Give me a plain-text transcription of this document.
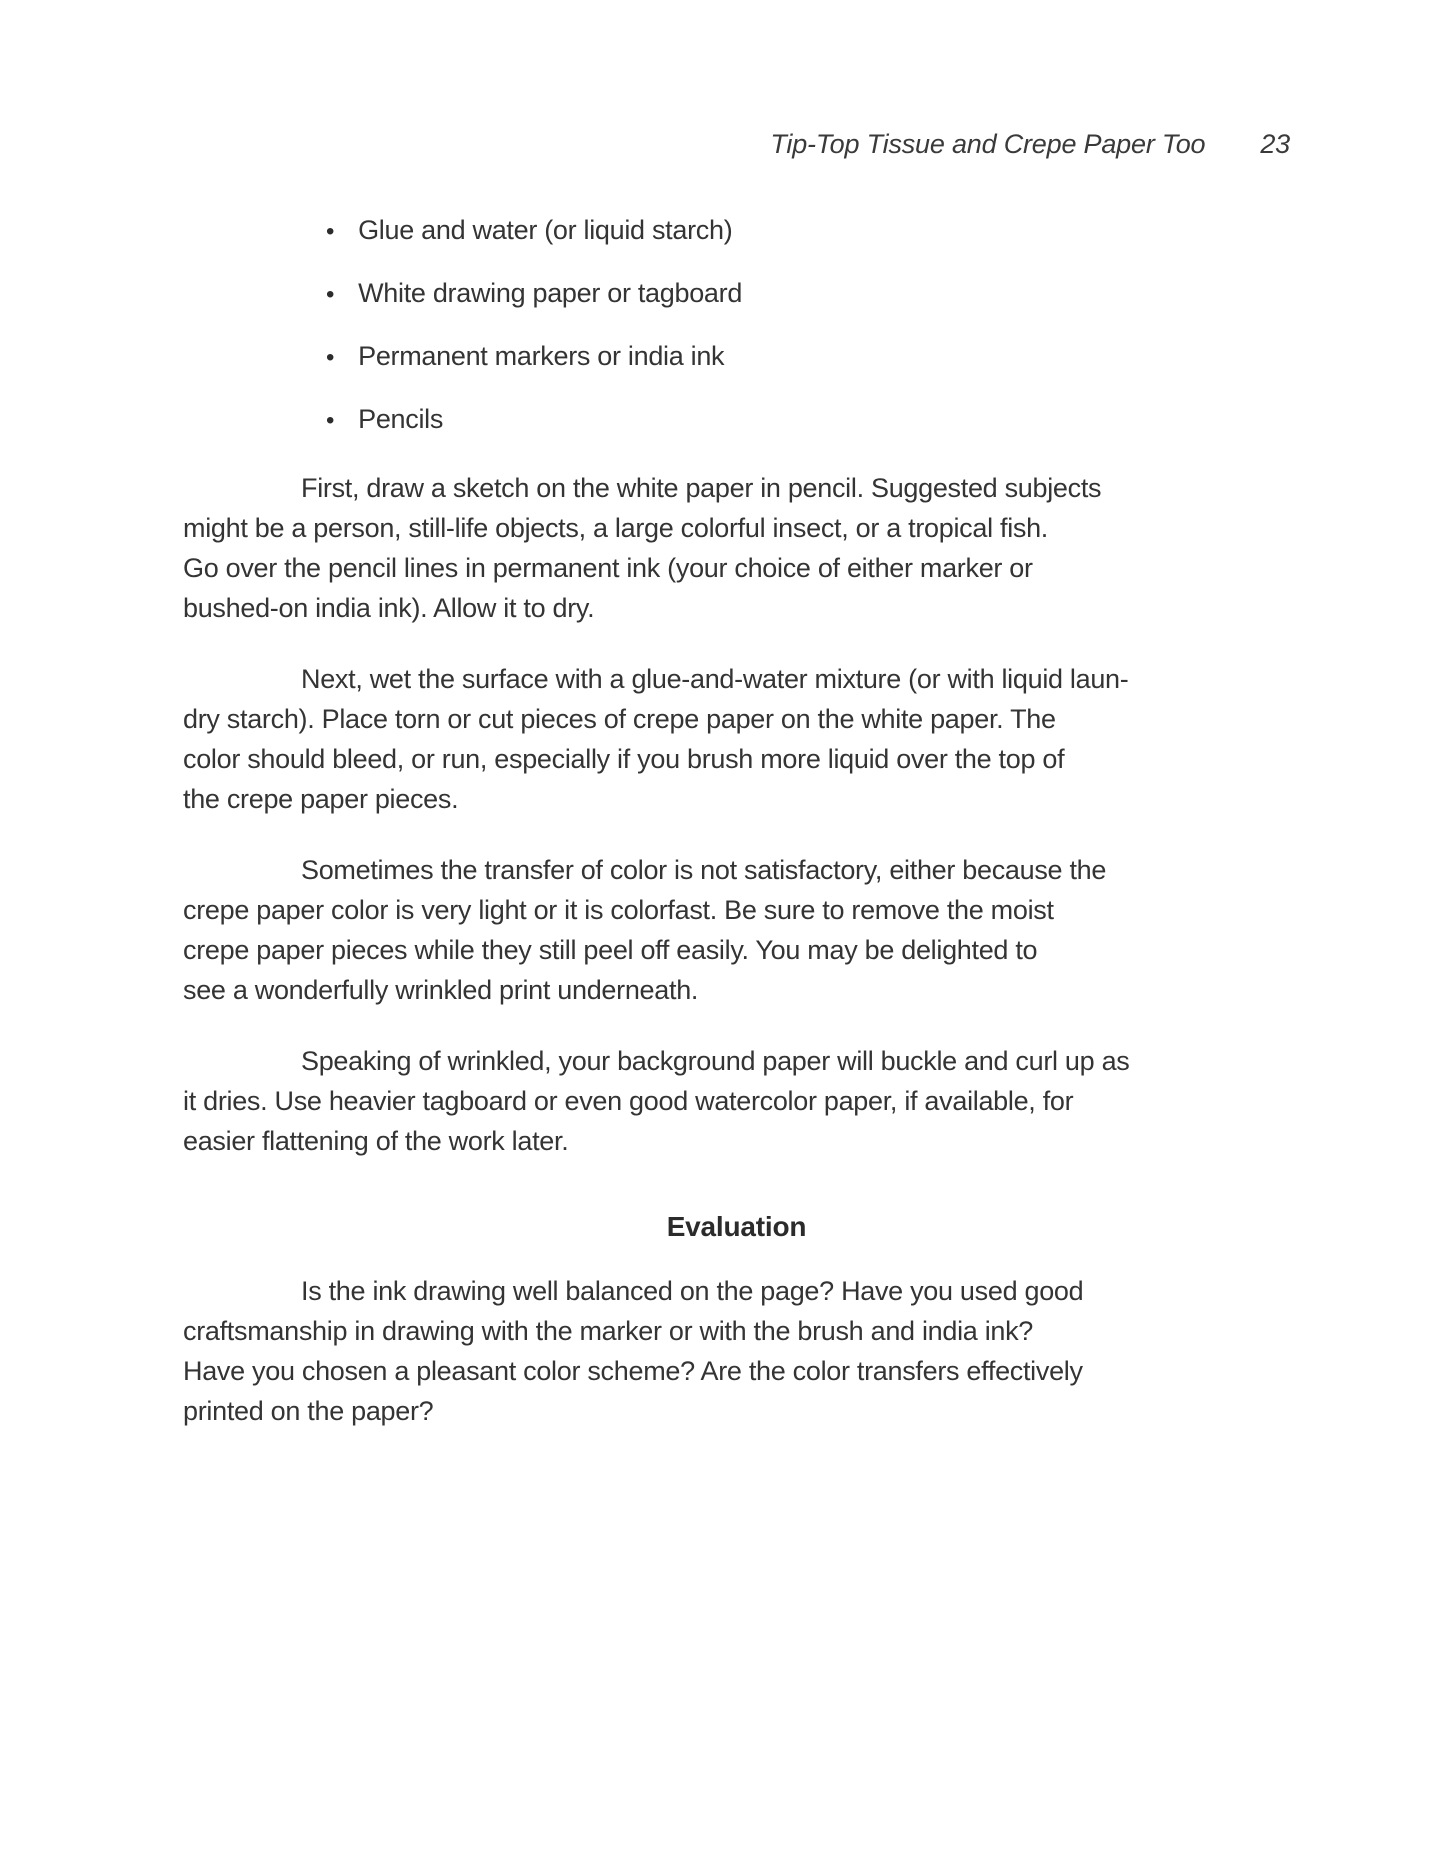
Tip-Top Tissue and Crepe Paper Too 23
• Glue and water (or liquid starch)
• White drawing paper or tagboard
• Permanent markers or india ink
• Pencils
First, draw a sketch on the white paper in pencil. Suggested subjects
might be a person, still-life objects, a large colorful insect, or a tropical fish.
Go over the pencil lines in permanent ink (your choice of either marker or
bushed-on india ink). Allow it to dry.
Next, wet the surface with a glue-and-water mixture (or with liquid laun-
dry starch). Place torn or cut pieces of crepe paper on the white paper. The
color should bleed, or run, especially if you brush more liquid over the top of
the crepe paper pieces.
Sometimes the transfer of color is not satisfactory, either because the
crepe paper color is very light or it is colorfast. Be sure to remove the moist
crepe paper pieces while they still peel off easily. You may be delighted to
see a wonderfully wrinkled print underneath.
Speaking of wrinkled, your background paper will buckle and curl up as
it dries. Use heavier tagboard or even good watercolor paper, if available, for
easier flattening of the work later.
Evaluation
Is the ink drawing well balanced on the page? Have you used good
craftsmanship in drawing with the marker or with the brush and india ink?
Have you chosen a pleasant color scheme? Are the color transfers effectively
printed on the paper?
